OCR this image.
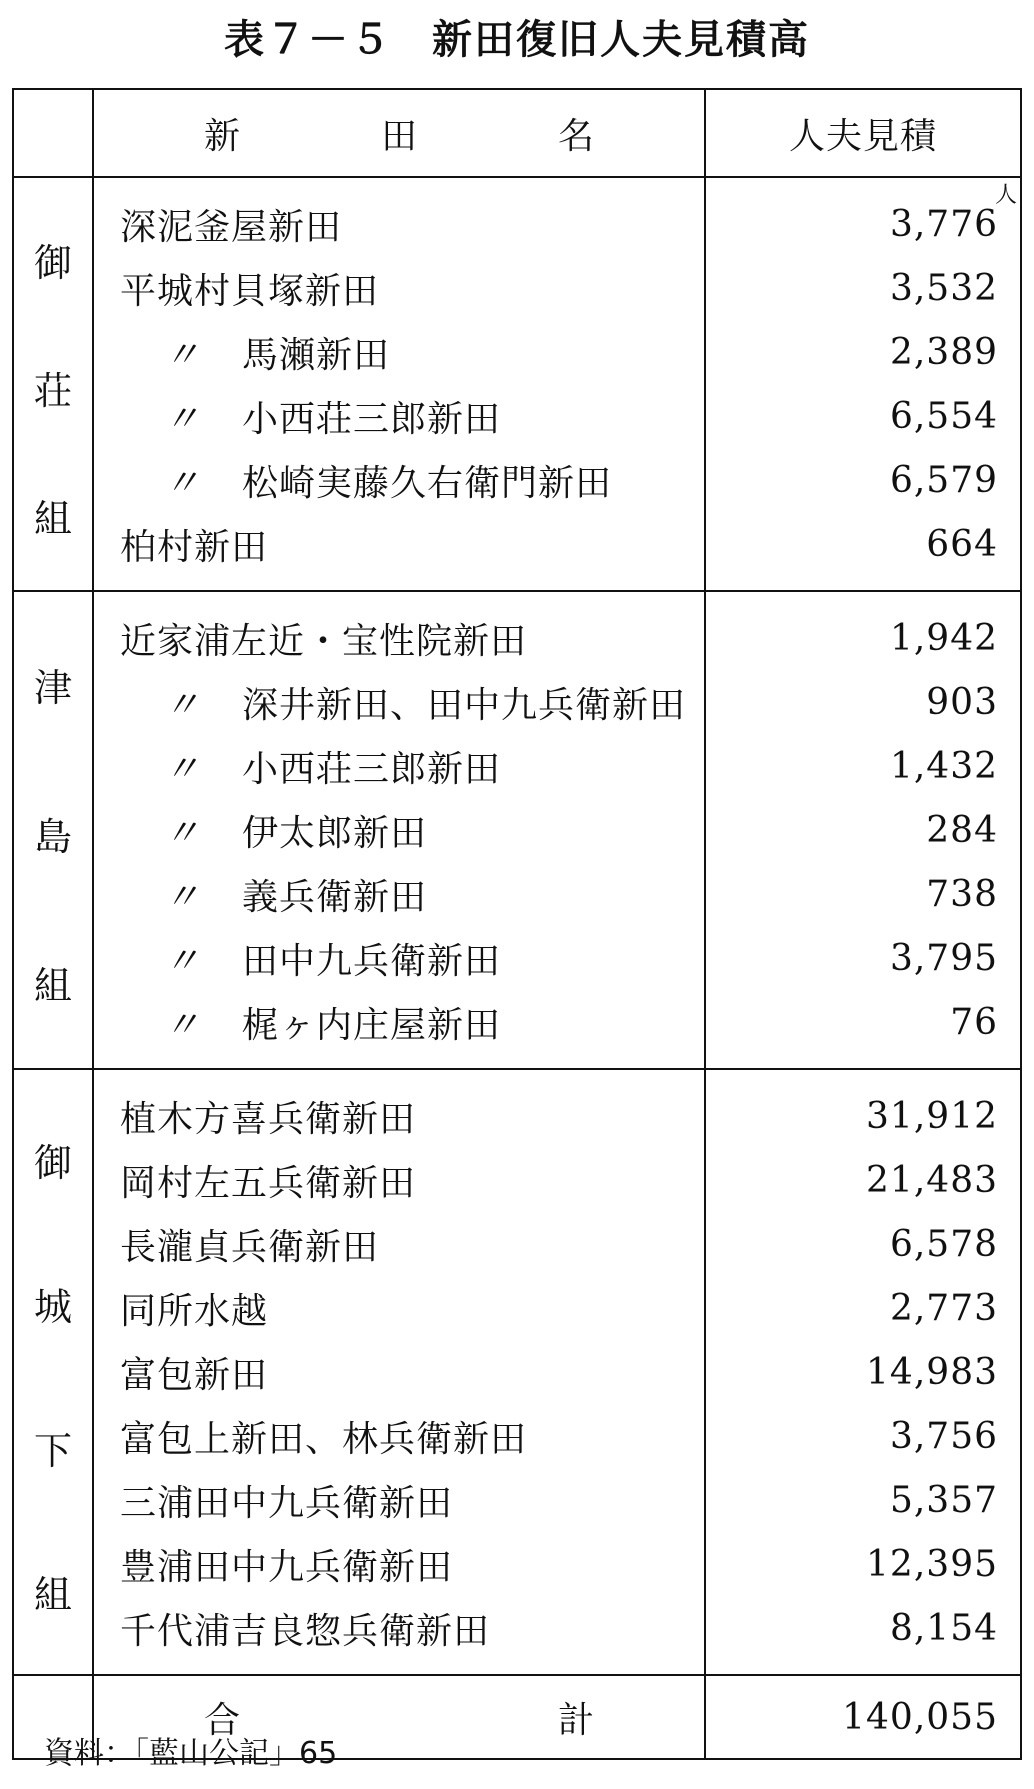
表７－５ 新田復旧人夫見積高

	新 田 名	人夫見積

御
荘
組	深泥釜屋新田	3,776
人

	平城村貝塚新田	3,532
	〃 馬瀬新田	2,389
	〃 小西荘三郎新田	6,554
	〃 松崎実藤久右衛門新田	6,579
	柏村新田	664

津
島
組	近家浦左近・宝性院新田	1,942
	〃 深井新田、田中九兵衛新田	903
	〃 小西荘三郎新田	1,432
	〃 伊太郎新田	284
	〃 義兵衛新田	738
	〃 田中九兵衛新田	3,795
	〃 梶ヶ内庄屋新田	76

御
城
下
組	植木方喜兵衛新田	31,912
	岡村左五兵衛新田	21,483
	長瀧貞兵衛新田	6,578
	同所水越	2,773
	富包新田	14,983
	富包上新田、林兵衛新田	3,756
	三浦田中九兵衛新田	5,357
	豊浦田中九兵衛新田	12,395
	千代浦吉良惣兵衛新田	8,154

	合 計	140,055
資料：「藍山公記」65
